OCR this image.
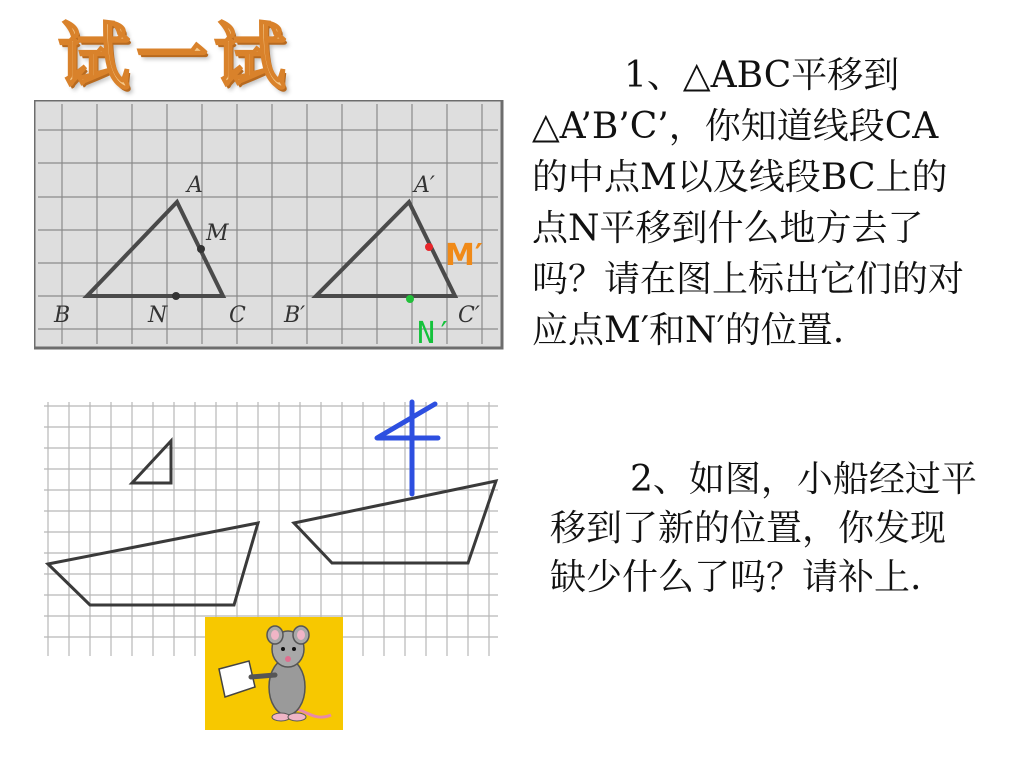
试一试
A
M
B	N	C
A′
B′	C′
M′
N′

1、△ABC平移到△A’B’C’，你知道线段CA的中点M以及线段BC上的点N平移到什么地方去了吗？请在图上标出它们的对应点M′和N′的位置.

2、如图，小船经过平移到了新的位置，你发现缺少什么了吗？请补上.
